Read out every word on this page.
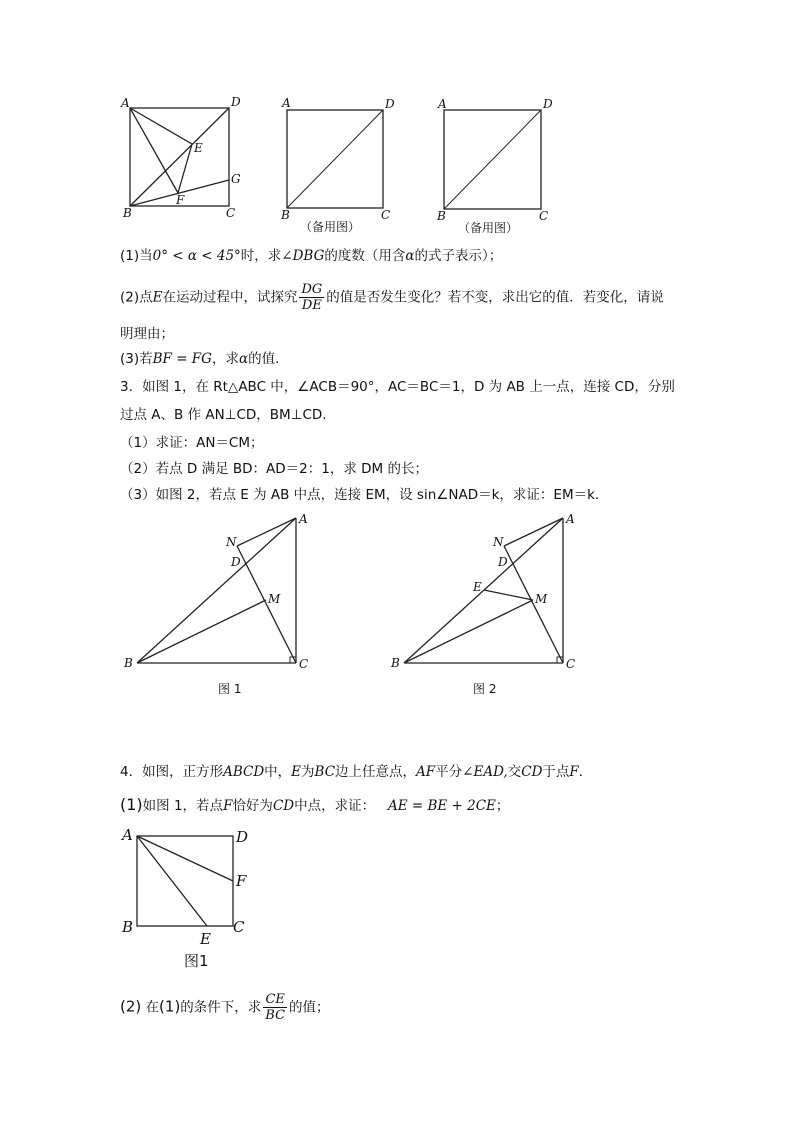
A	D
E
G
B
F
C
A	D
B	C
（备用图）
A	D
B	C
（备用图）
A
N
D
M
B	C
图 1
A
N
D
E
M
B	C
图 2
A	D
F
B
E
C
图1
(1)当0° < α < 45°时，求∠DBG的度数（用含α的式子表示）；
(2)点E在运动过程中，试探究 $\frac{DG}{DE}$ 的值是否发生变化？若不变，求出它的值．若变化，请说
明理由；
(3)若BF = FG，求α的值.
3．如图 1，在 Rt△ABC 中，∠ACB＝90°，AC＝BC＝1，D 为 AB 上一点，连接 CD，分别
过点 A、B 作 AN⊥CD，BM⊥CD.
（1）求证：AN＝CM；
（2）若点 D 满足 BD：AD＝2：1，求 DM 的长；
（3）如图 2，若点 E 为 AB 中点，连接 EM，设 sin∠NAD＝k，求证：EM＝k.
4．如图，正方形ABCD中，E为BC边上任意点，AF平分∠EAD,交CD于点F．
(1)如图 1，若点F恰好为CD中点，求证： AE = BE + 2CE；
(2) 在(1)的条件下，求 $\frac{CE}{BC}$ 的值；
